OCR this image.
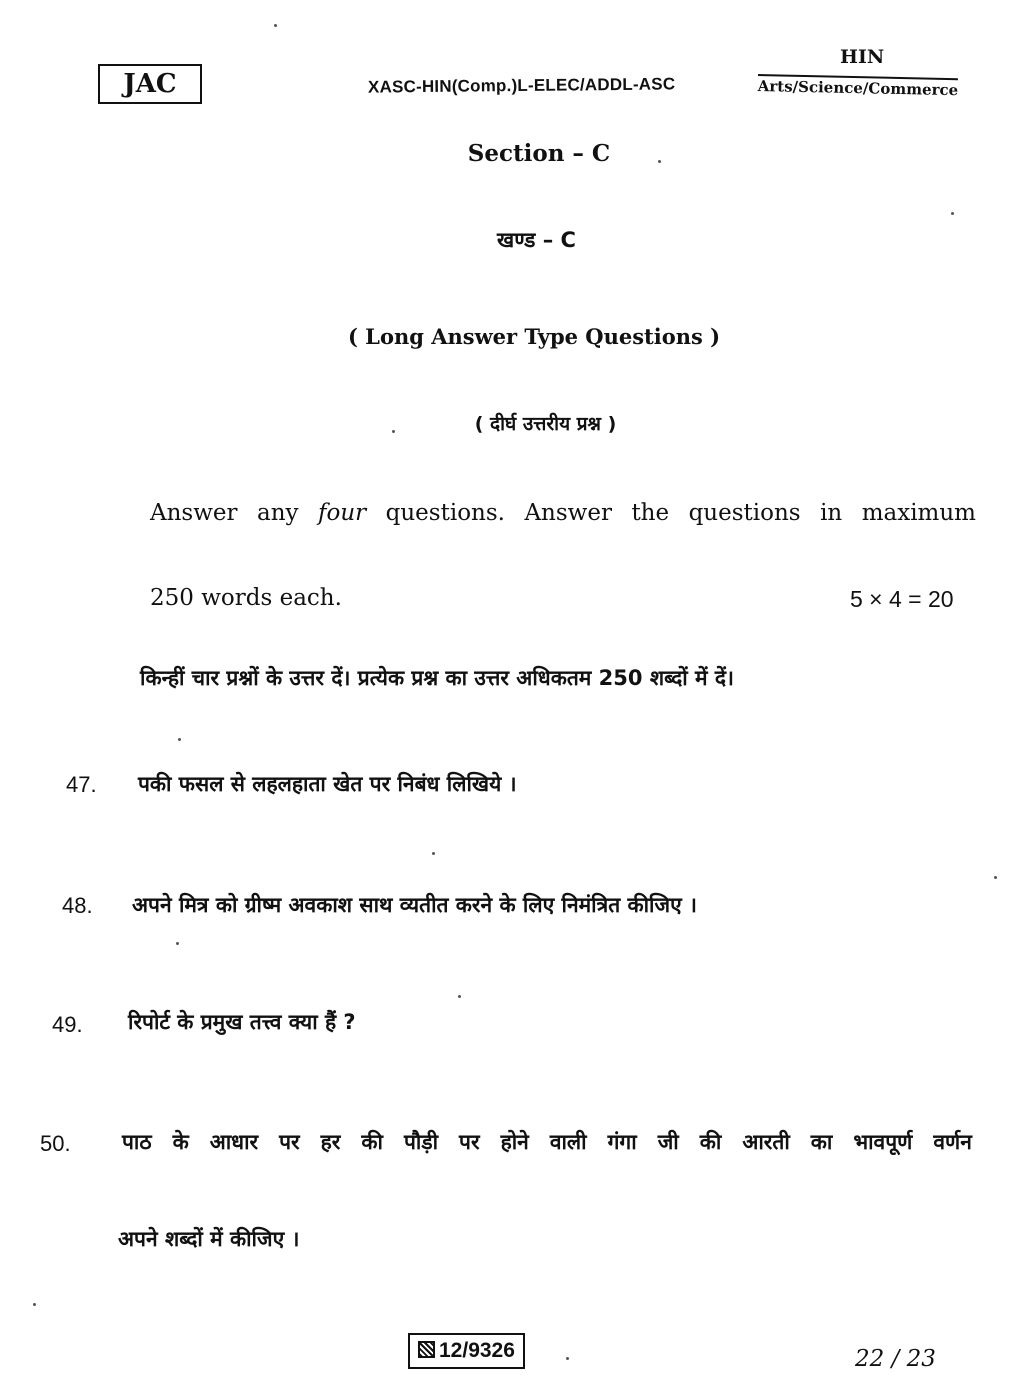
JAC	XASC-HIN(Comp.)L-ELEC/ADDL-ASC
HIN
Arts/Science/Commerce
Section – C
खण्ड – C
( Long Answer Type Questions )
( दीर्घ उत्तरीय प्रश्न )
Answer any four questions. Answer the questions in maximum
250 words each.	5 × 4 = 20
किन्हीं चार प्रश्नों के उत्तर दें। प्रत्येक प्रश्न का उत्तर अधिकतम 250 शब्दों में दें।
47. पकी फसल से लहलहाता खेत पर निबंध लिखिये ।
48. अपने मित्र को ग्रीष्म अवकाश साथ व्यतीत करने के लिए निमंत्रित कीजिए ।
49. रिपोर्ट के प्रमुख तत्त्व क्या हैं ?
50. पाठ के आधार पर हर की पौड़ी पर होने वाली गंगा जी की आरती का भावपूर्ण वर्णन
अपने शब्दों में कीजिए ।
12/9326	22 / 23
